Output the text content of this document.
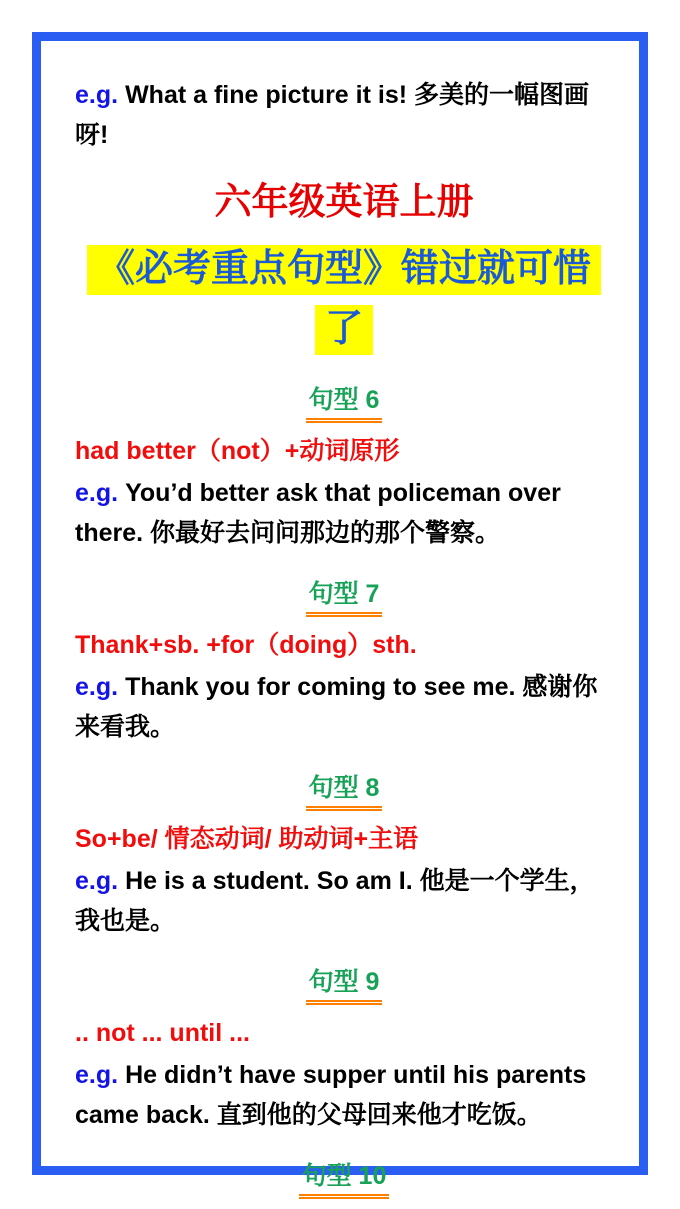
e.g. What a fine picture it is! 多美的一幅图画呀!

六年级英语上册
《必考重点句型》错过就可惜
了
句型 6

had better（not）+动词原形

e.g. You’d better ask that policeman over there. 你最好去问问那边的那个警察。

句型 7

Thank+sb. +for（doing）sth.

e.g. Thank you for coming to see me. 感谢你来看我。

句型 8

So+be/ 情态动词/ 助动词+主语

e.g. He is a student. So am I. 他是一个学生，我也是。

句型 9

.. not ... until ...

e.g. He didn’t have supper until his parents came back. 直到他的父母回来他才吃饭。

句型 10
